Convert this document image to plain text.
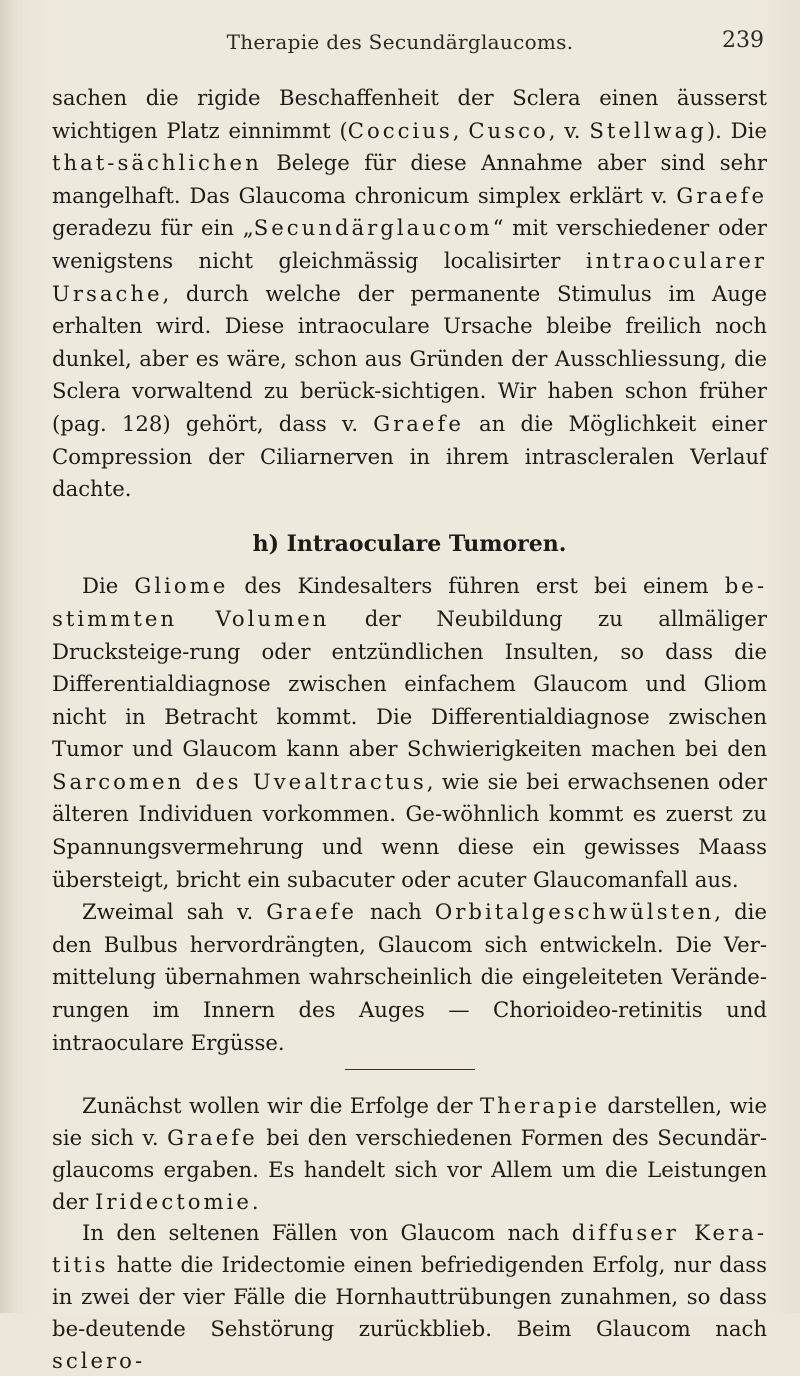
Therapie des Secundärglaucoms.	239

sachen die rigide Beschaffenheit der Sclera einen äusserst wichtigen Platz einnimmt (Coccius, Cusco, v. Stellwag). Die that-sächlichen Belege für diese Annahme aber sind sehr mangelhaft. Das Glaucoma chronicum simplex erklärt v. Graefe geradezu für ein „Secundärglaucom“ mit verschiedener oder wenigstens nicht gleichmässig localisirter intraocularer Ursache, durch welche der permanente Stimulus im Auge erhalten wird. Diese intraoculare Ursache bleibe freilich noch dunkel, aber es wäre, schon aus Gründen der Ausschliessung, die Sclera vorwaltend zu berück-sichtigen. Wir haben schon früher (pag. 128) gehört, dass v. Graefe an die Möglichkeit einer Compression der Ciliarnerven in ihrem intrascleralen Verlauf dachte.

h) Intraoculare Tumoren.

Die Gliome des Kindesalters führen erst bei einem be-stimmten Volumen der Neubildung zu allmäliger Drucksteige-rung oder entzündlichen Insulten, so dass die Differentialdiagnose zwischen einfachem Glaucom und Gliom nicht in Betracht kommt. Die Differentialdiagnose zwischen Tumor und Glaucom kann aber Schwierigkeiten machen bei den Sarcomen des Uvealtractus, wie sie bei erwachsenen oder älteren Individuen vorkommen. Ge-wöhnlich kommt es zuerst zu Spannungsvermehrung und wenn diese ein gewisses Maass übersteigt, bricht ein subacuter oder acuter Glaucomanfall aus.

Zweimal sah v. Graefe nach Orbitalgeschwülsten, die den Bulbus hervordrängten, Glaucom sich entwickeln. Die Ver-mittelung übernahmen wahrscheinlich die eingeleiteten Verände-rungen im Innern des Auges — Chorioideo-retinitis und intraoculare Ergüsse.

Zunächst wollen wir die Erfolge der Therapie darstellen, wie sie sich v. Graefe bei den verschiedenen Formen des Secundär-glaucoms ergaben. Es handelt sich vor Allem um die Leistungen der Iridectomie.

In den seltenen Fällen von Glaucom nach diffuser Kera-titis hatte die Iridectomie einen befriedigenden Erfolg, nur dass in zwei der vier Fälle die Hornhauttrübungen zunahmen, so dass be-deutende Sehstörung zurückblieb. Beim Glaucom nach sclero-
